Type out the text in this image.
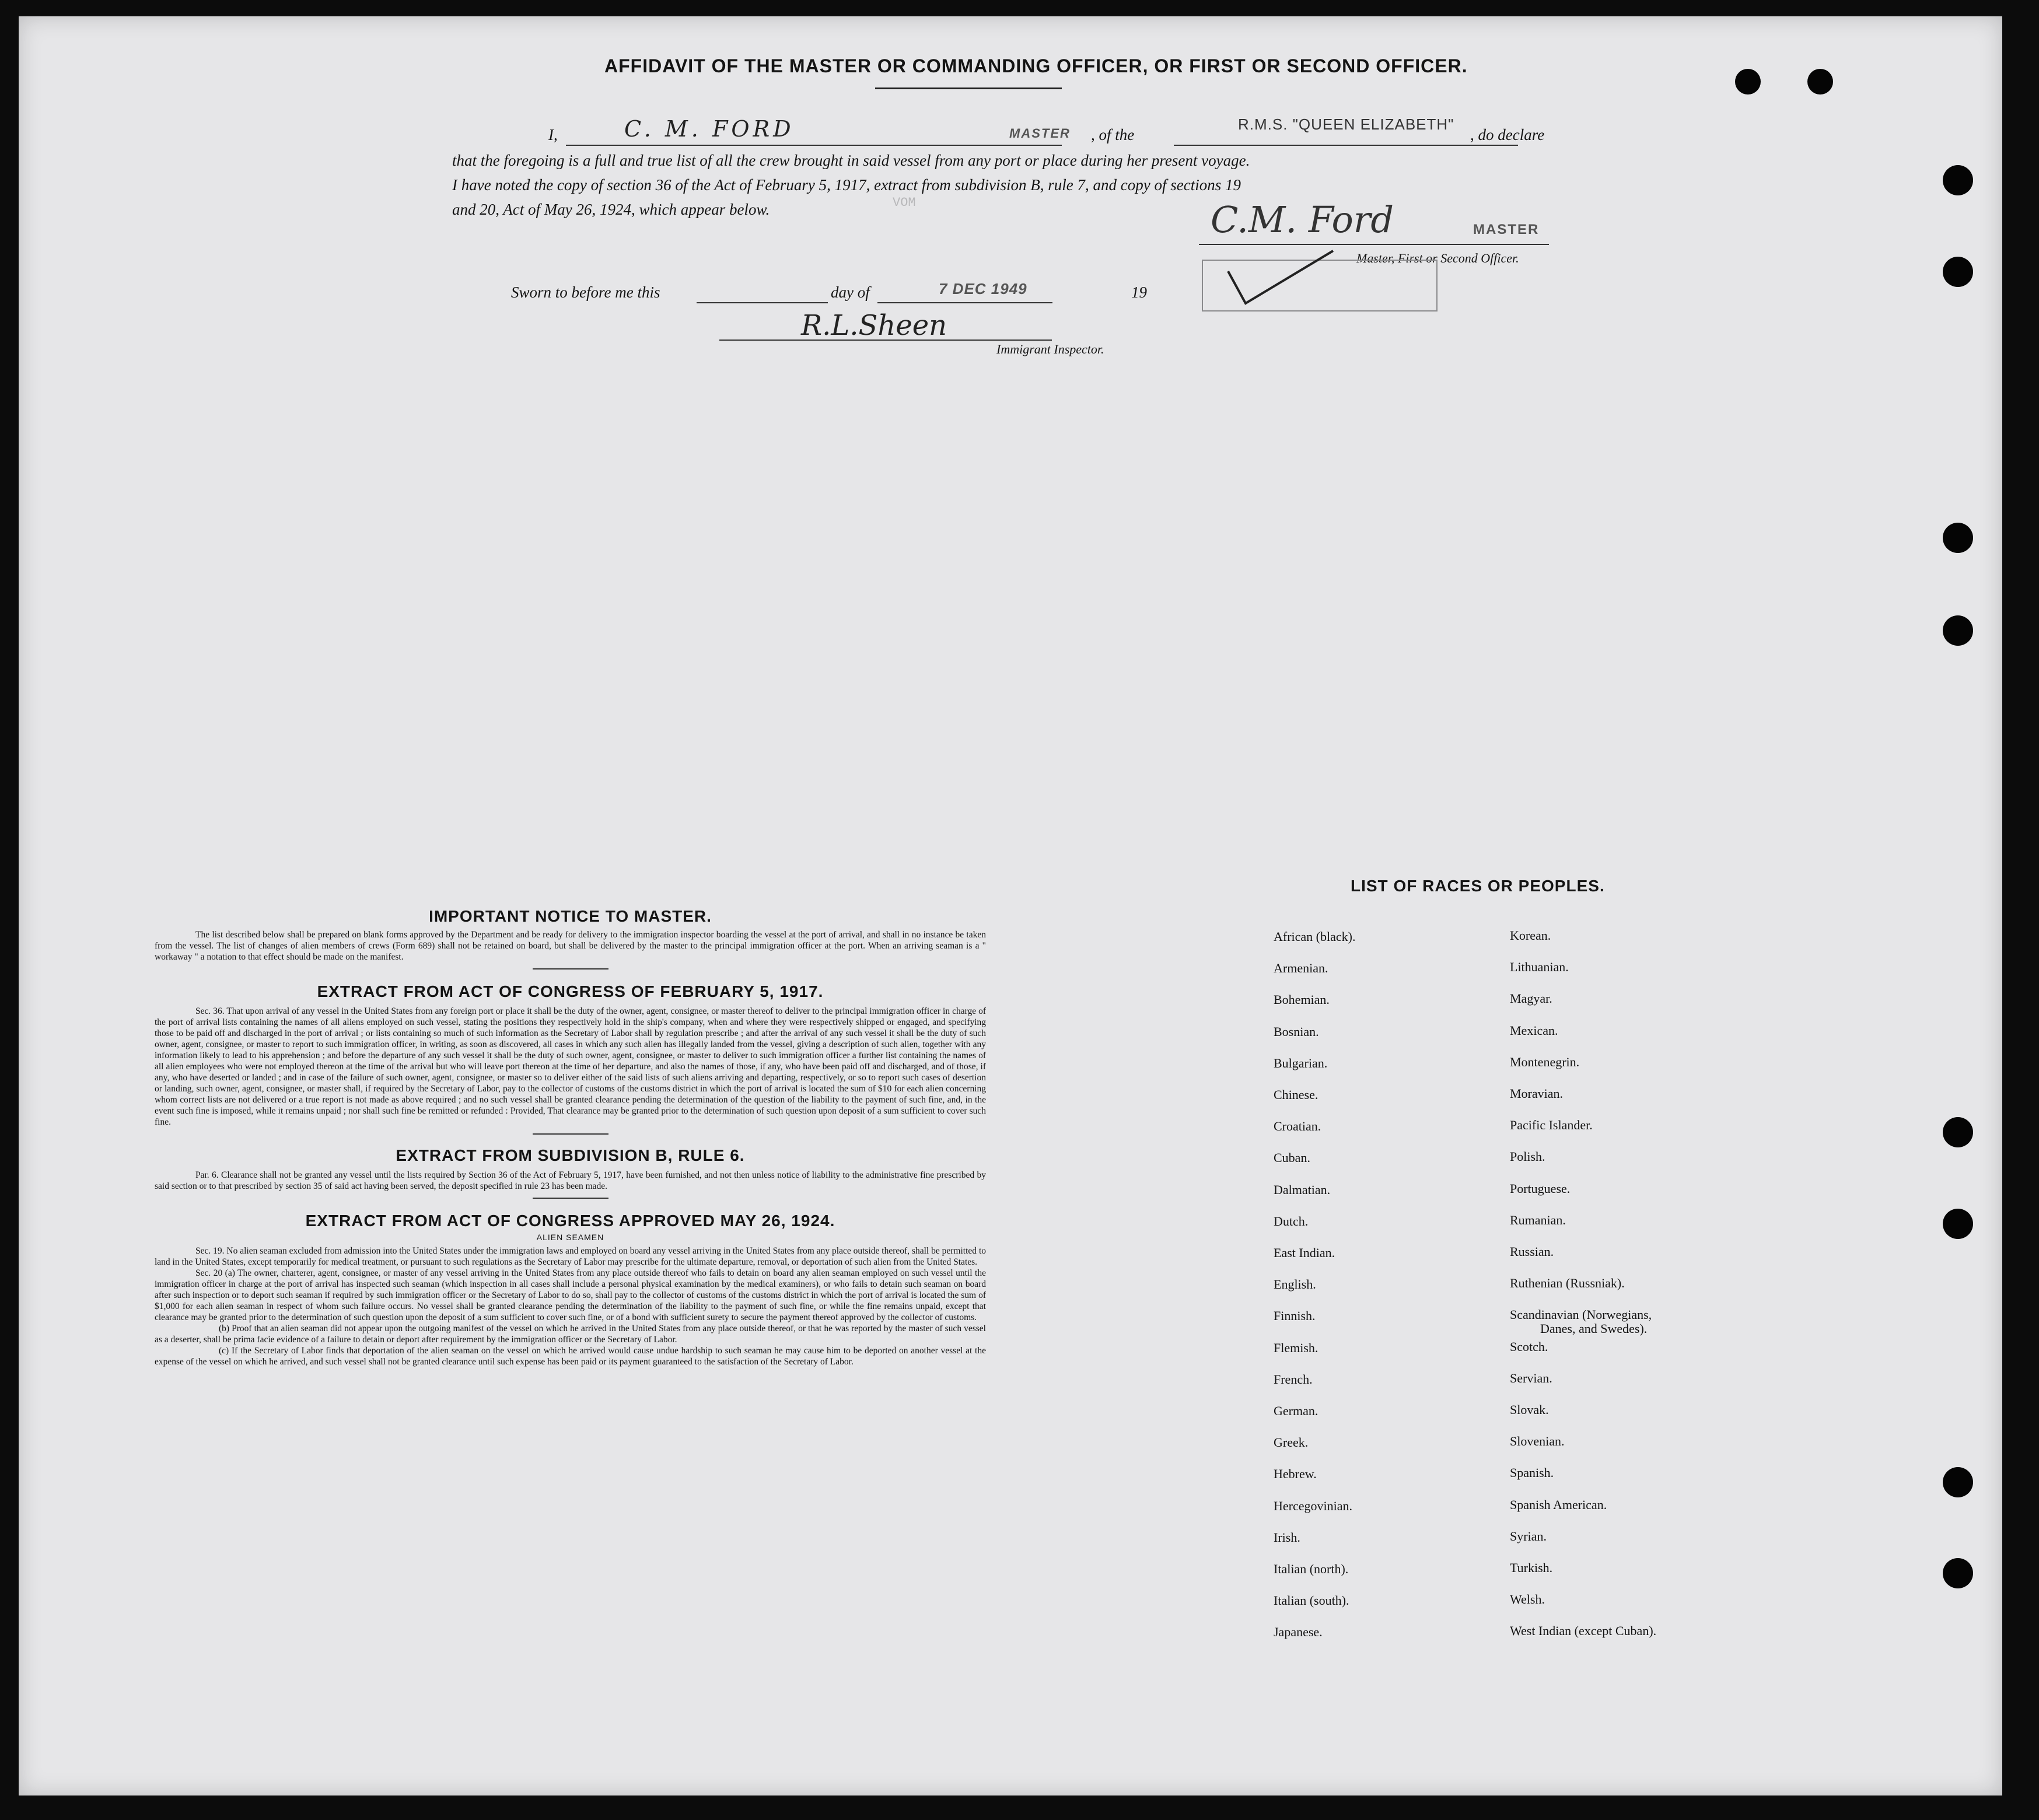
AFFIDAVIT OF THE MASTER OR COMMANDING OFFICER, OR FIRST OR SECOND OFFICER.
I,	C. M. FORD	MASTER , of the
R.M.S. "QUEEN ELIZABETH"
, do declare
that the foregoing is a full and true list of all the crew brought in said vessel from any port or place during her present voyage.
I have noted the copy of section 36 of the Act of February 5, 1917, extract from subdivision B, rule 7, and copy of sections 19
and 20, Act of May 26, 1924, which appear below.	C.M. Ford	MASTER
Master, First or Second Officer.
Sworn to before me this	day of	7 DEC 1949	19
R.L.Sheen
Immigrant Inspector.
VOM
IMPORTANT NOTICE TO MASTER.
The list described below shall be prepared on blank forms approved by the Department and be ready for delivery to the immigration inspector boarding the vessel at the port of arrival, and shall in no instance be taken from the vessel. The list of changes of alien members of crews (Form 689) shall not be retained on board, but shall be delivered by the master to the principal immigration officer at the port. When an arriving seaman is a " workaway " a notation to that effect should be made on the manifest.
EXTRACT FROM ACT OF CONGRESS OF FEBRUARY 5, 1917.
Sec. 36. That upon arrival of any vessel in the United States from any foreign port or place it shall be the duty of the owner, agent, consignee, or master thereof to deliver to the principal immigration officer in charge of the port of arrival lists containing the names of all aliens employed on such vessel, stating the positions they respectively hold in the ship's company, when and where they were respectively shipped or engaged, and specifying those to be paid off and discharged in the port of arrival ; or lists containing so much of such information as the Secretary of Labor shall by regulation prescribe ; and after the arrival of any such vessel it shall be the duty of such owner, agent, consignee, or master to report to such immigration officer, in writing, as soon as discovered, all cases in which any such alien has illegally landed from the vessel, giving a description of such alien, together with any information likely to lead to his apprehension ; and before the departure of any such vessel it shall be the duty of such owner, agent, consignee, or master to deliver to such immigration officer a further list containing the names of all alien employees who were not employed thereon at the time of the arrival but who will leave port thereon at the time of her departure, and also the names of those, if any, who have been paid off and discharged, and of those, if any, who have deserted or landed ; and in case of the failure of such owner, agent, consignee, or master so to deliver either of the said lists of such aliens arriving and departing, respectively, or so to report such cases of desertion or landing, such owner, agent, consignee, or master shall, if required by the Secretary of Labor, pay to the collector of customs of the customs district in which the port of arrival is located the sum of $10 for each alien concerning whom correct lists are not delivered or a true report is not made as above required ; and no such vessel shall be granted clearance pending the determination of the question of the liability to the payment of such fine, and, in the event such fine is imposed, while it remains unpaid ; nor shall such fine be remitted or refunded : Provided, That clearance may be granted prior to the determination of such question upon deposit of a sum sufficient to cover such fine.
EXTRACT FROM SUBDIVISION B, RULE 6.
Par. 6. Clearance shall not be granted any vessel until the lists required by Section 36 of the Act of February 5, 1917, have been furnished, and not then unless notice of liability to the administrative fine prescribed by said section or to that prescribed by section 35 of said act having been served, the deposit specified in rule 23 has been made.
EXTRACT FROM ACT OF CONGRESS APPROVED MAY 26, 1924.
ALIEN SEAMEN
Sec. 19. No alien seaman excluded from admission into the United States under the immigration laws and employed on board any vessel arriving in the United States from any place outside thereof, shall be permitted to land in the United States, except temporarily for medical treatment, or pursuant to such regulations as the Secretary of Labor may prescribe for the ultimate departure, removal, or deportation of such alien from the United States.
Sec. 20 (a) The owner, charterer, agent, consignee, or master of any vessel arriving in the United States from any place outside thereof who fails to detain on board any alien seaman employed on such vessel until the immigration officer in charge at the port of arrival has inspected such seaman (which inspection in all cases shall include a personal physical examination by the medical examiners), or who fails to detain such seaman on board after such inspection or to deport such seaman if required by such immigration officer or the Secretary of Labor to do so, shall pay to the collector of customs of the customs district in which the port of arrival is located the sum of $1,000 for each alien seaman in respect of whom such failure occurs. No vessel shall be granted clearance pending the determination of the liability to the payment of such fine, or while the fine remains unpaid, except that clearance may be granted prior to the determination of such question upon the deposit of a sum sufficient to cover such fine, or of a bond with sufficient surety to secure the payment thereof approved by the collector of customs.
(b) Proof that an alien seaman did not appear upon the outgoing manifest of the vessel on which he arrived in the United States from any place outside thereof, or that he was reported by the master of such vessel as a deserter, shall be prima facie evidence of a failure to detain or deport after requirement by the immigration officer or the Secretary of Labor.
(c) If the Secretary of Labor finds that deportation of the alien seaman on the vessel on which he arrived would cause undue hardship to such seaman he may cause him to be deported on another vessel at the expense of the vessel on which he arrived, and such vessel shall not be granted clearance until such expense has been paid or its payment guaranteed to the satisfaction of the Secretary of Labor.
LIST OF RACES OR PEOPLES.
African (black).
Armenian.
Bohemian.
Bosnian.
Bulgarian.
Chinese.
Croatian.
Cuban.
Dalmatian.
Dutch.
East Indian.
English.
Finnish.
Flemish.
French.
German.
Greek.
Hebrew.
Hercegovinian.
Irish.
Italian (north).
Italian (south).
Japanese.
Korean.
Lithuanian.
Magyar.
Mexican.
Montenegrin.
Moravian.
Pacific Islander.
Polish.
Portuguese.
Rumanian.
Russian.
Ruthenian (Russniak).
Scandinavian (Norwegians,
Danes, and Swedes).
Scotch.
Servian.
Slovak.
Slovenian.
Spanish.
Spanish American.
Syrian.
Turkish.
Welsh.
West Indian (except Cuban).
